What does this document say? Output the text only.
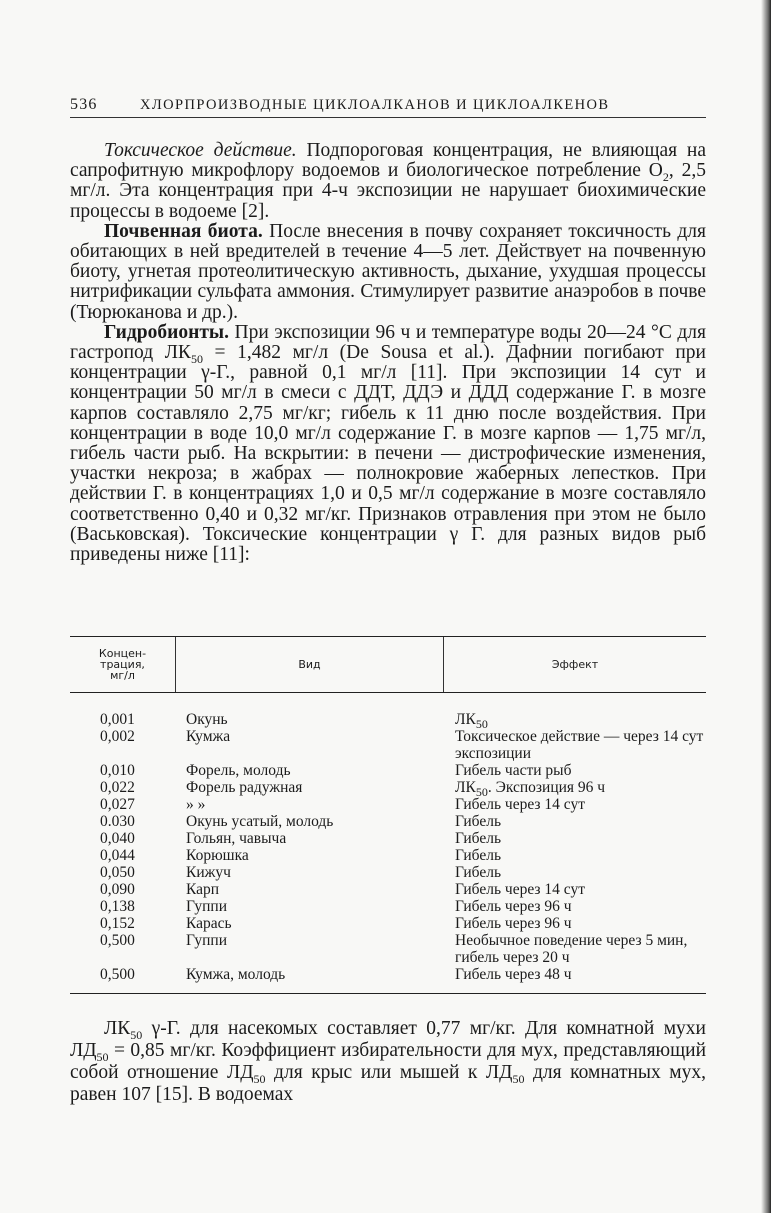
536	ХЛОРПРОИЗВОДНЫЕ ЦИКЛОАЛКАНОВ И ЦИКЛОАЛКЕНОВ

Токсическое действие. Подпороговая концентрация, не влияющая на сапрофитную микрофлору водоемов и биологическое потребление $O_2$, 2,5 мг/л. Эта концентрация при 4-ч экспозиции не нарушает биохимические процессы в водоеме [2].

Почвенная биота. После внесения в почву сохраняет токсичность для обитающих в ней вредителей в течение 4—5 лет. Действует на почвенную биоту, угнетая протеолитическую активность, дыхание, ухудшая процессы нитрификации сульфата аммония. Стимулирует развитие анаэробов в почве (Тюрюканова и др.).

Гидробионты. При экспозиции 96 ч и температуре воды 20—24 °С для гастропод $ЛК_{50} = 1,482$ мг/л (De Sousa et al.). Дафнии погибают при концентрации γ-Г., равной 0,1 мг/л [11]. При экспозиции 14 сут и концентрации 50 мг/л в смеси с ДДТ, ДДЭ и ДДД содержание Г. в мозге карпов составляло 2,75 мг/кг; гибель к 11 дню после воздействия. При концентрации в воде 10,0 мг/л содержание Г. в мозге карпов — 1,75 мг/л, гибель части рыб. На вскрытии: в печени — дистрофические изменения, участки некроза; в жабрах — полнокровие жаберных лепестков. При действии Г. в концентрациях 1,0 и 0,5 мг/л содержание в мозге составляло соответственно 0,40 и 0,32 мг/кг. Признаков отравления при этом не было (Васьковская). Токсические концентрации γ Г. для разных видов рыб приведены ниже [11]:

Концен-
трация,
мг/л
Вид	Эффект
0,001	Окунь	$ЛК_{50}$
0,002	Кумжа	Токсическое действие — через 14 сут экспозиции
0,010	Форель, молодь	Гибель части рыб
0,022	Форель радужная	$ЛК_{50}$. Экспозиция 96 ч
0,027	» »	Гибель через 14 сут
0.030	Окунь усатый, молодь	Гибель
0,040	Гольян, чавыча	Гибель
0,044	Корюшка	Гибель
0,050	Кижуч	Гибель
0,090	Карп	Гибель через 14 сут
0,138	Гуппи	Гибель через 96 ч
0,152	Карась	Гибель через 96 ч
0,500	Гуппи	Необычное поведение через 5 мин, гибель через 20 ч
0,500	Кумжа, молодь	Гибель через 48 ч

$ЛК_{50}$ γ-Г. для насекомых составляет 0,77 мг/кг. Для комнатной мухи $ЛД_{50} = 0,85$ мг/кг. Коэффициент избирательности для мух, представляющий собой отношение $ЛД_{50}$ для крыс или мышей к $ЛД_{50}$ для комнатных мух, равен 107 [15]. В водоемах
